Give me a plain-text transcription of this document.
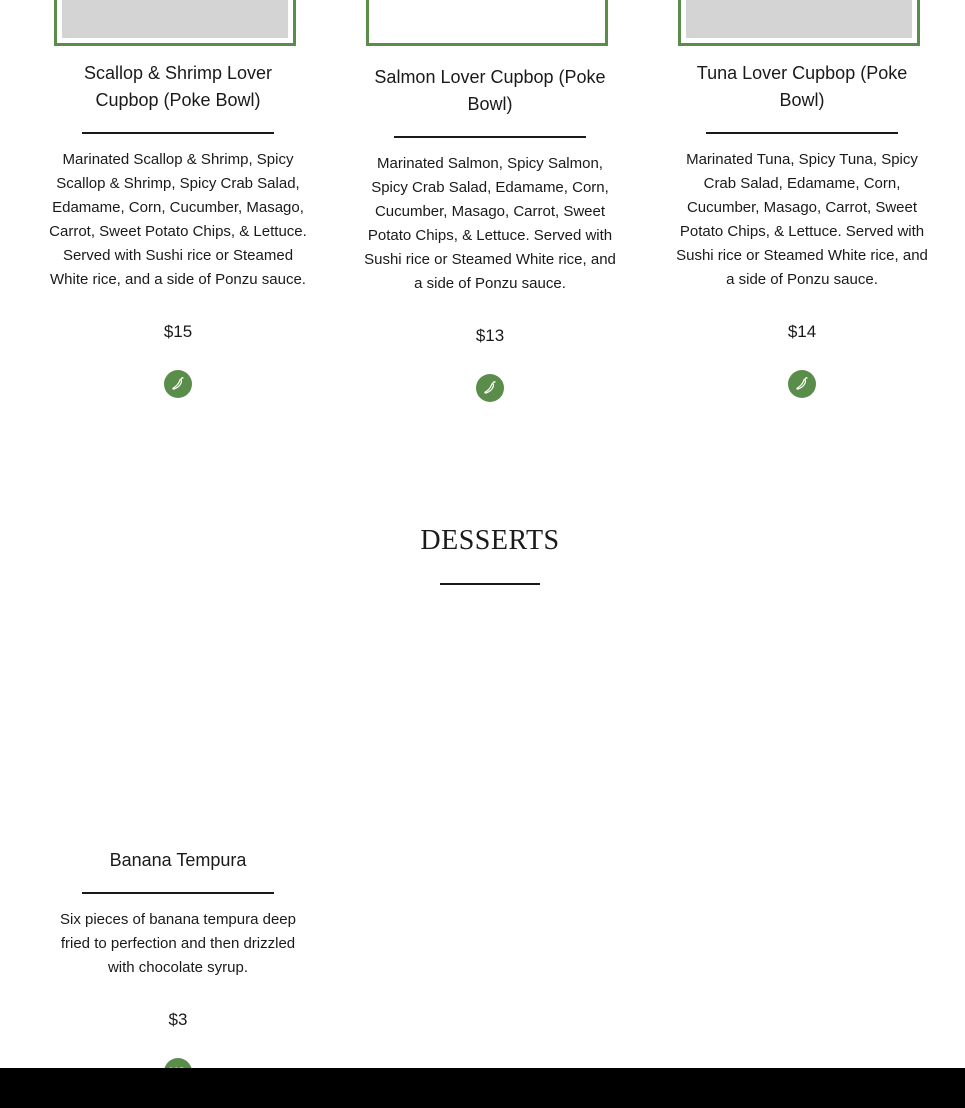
Scallop & Shrimp Lover Cupbop (Poke Bowl)
Marinated Scallop & Shrimp, Spicy Scallop & Shrimp, Spicy Crab Salad, Edamame, Corn, Cucumber, Masago, Carrot, Sweet Potato Chips, & Lettuce. Served with Sushi rice or Steamed White rice, and a side of Ponzu sauce.
$15
Salmon Lover Cupbop (Poke Bowl)
Marinated Salmon, Spicy Salmon, Spicy Crab Salad, Edamame, Corn, Cucumber, Masago, Carrot, Sweet Potato Chips, & Lettuce. Served with Sushi rice or Steamed White rice, and a side of Ponzu sauce.
$13
Tuna Lover Cupbop (Poke Bowl)
Marinated Tuna, Spicy Tuna, Spicy Crab Salad, Edamame, Corn, Cucumber, Masago, Carrot, Sweet Potato Chips, & Lettuce. Served with Sushi rice or Steamed White rice, and a side of Ponzu sauce.
$14
DESSERTS
Banana Tempura
Six pieces of banana tempura deep fried to perfection and then drizzled with chocolate syrup.
$3
